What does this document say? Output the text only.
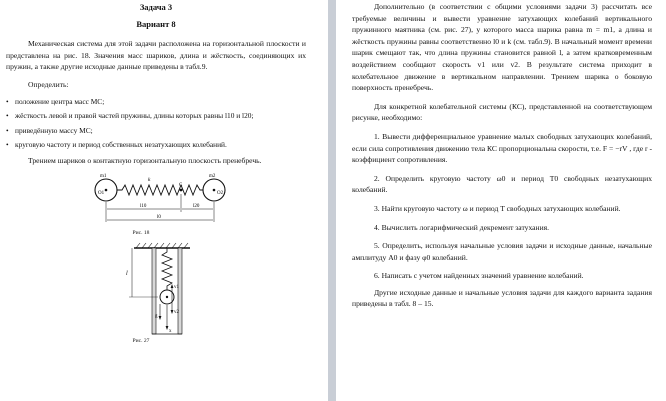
Задача 3
Вариант 8

Механическая система для этой задачи расположена на горизонтальной плоскости и представлена на рис. 18. Значения масс шариков, длина и жёсткость, соединяющих их пружин, а также другие исходные данные приведены в табл.9.

Определить:

• положение центра масс МС;
• жёсткость левой и правой частей пружины, длины которых равны l10 и l20;
• приведённую массу МС;
• круговую частоту и период собственных незатухающих колебаний.

Трением шариков о контактную горизонтальную плоскость пренебречь.

m1	m2
O1	O2
k
C
l10	l20
l0
Рис. 18
l
v1
v2
g
x
Рис. 27

Дополнительно (в соответствии с общими условиями задачи 3) рассчитать все требуемые величины и вывести уравнение затухающих колебаний вертикального пружинного маятника (см. рис. 27), у которого масса шарика равна m = m1, а длина и жёсткость пружины равны соответственно l0 и k (см. табл.9). В начальный момент времени шарик смещают так, что длина пружины становится равной l, а затем кратковременным воздействием сообщают скорость v1 или v2. В результате система приходит в колебательное движение в вертикальном направлении. Трением шарика о боковую поверхность пренебречь.

Для конкретной колебательной системы (КС), представленной на соответствующем рисунке, необходимо:

1. Вывести дифференциальное уравнение малых свободных затухающих колебаний, если сила сопротивления движению тела КС пропорциональна скорости, т.е. F = −rV , где r - коэффициент сопротивления.

2. Определить круговую частоту ω0 и период T0 свободных незатухающих колебаний.

3. Найти круговую частоту ω и период T свободных затухающих колебаний.

4. Вычислить логарифмический декремент затухания.

5. Определить, используя начальные условия задачи и исходные данные, начальные амплитуду A0 и фазу φ0 колебаний.

6. Написать с учетом найденных значений уравнение колебаний.

Другие исходные данные и начальные условия задачи для каждого варианта задания приведены в табл. 8 – 15.
